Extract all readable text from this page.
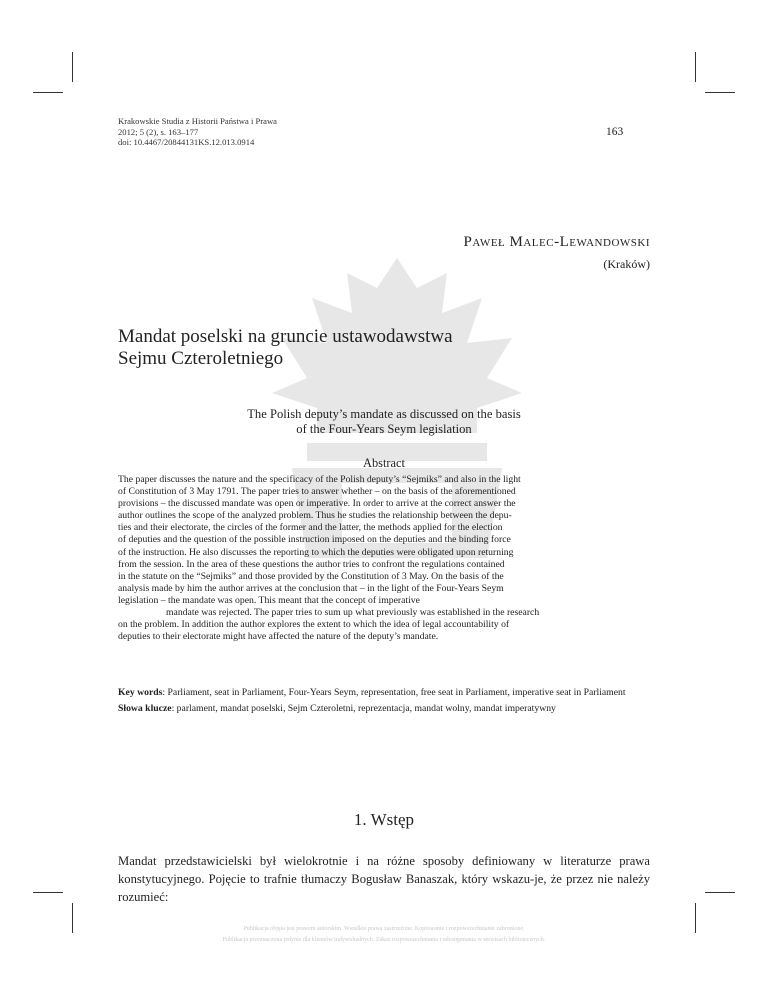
Krakowskie Studia z Historii Państwa i Prawa
2012; 5 (2), s. 163–177
doi: 10.4467/20844131KS.12.013.0914
163
Paweł Malec-Lewandowski
(Kraków)
Mandat poselski na gruncie ustawodawstwa
Sejmu Czteroletniego
The Polish deputy’s mandate as discussed on the basis
of the Four-Years Seym legislation
Abstract
The paper discusses the nature and the specificacy of the Polish deputy’s “Sejmiks” and also in the light
of Constitution of 3 May 1791. The paper tries to answer whether – on the basis of the aforementioned
provisions – the discussed mandate was open or imperative. In order to arrive at the correct answer the
author outlines the scope of the analyzed problem. Thus he studies the relationship between the depu-
ties and their electorate, the circles of the former and the latter, the methods applied for the election
of deputies and the question of the possible instruction imposed on the deputies and the binding force
of the instruction. He also discusses the reporting to which the deputies were obligated upon returning
from the session. In the area of these questions the author tries to confront the regulations contained
in the statute on the “Sejmiks” and those provided by the Constitution of 3 May. On the basis of the
analysis made by him the author arrives at the conclusion that – in the light of the Four-Years Seym
legislation – the mandate was open. This meant that the concept of imperative
mandate was rejected. The paper tries to sum up what previously was established in the research
on the problem. In addition the author explores the extent to which the idea of legal accountability of
deputies to their electorate might have affected the nature of the deputy’s mandate.

Key words: Parliament, seat in Parliament, Four-Years Seym, representation, free seat in Parliament, imperative seat in Parliament

Słowa klucze: parlament, mandat poselski, Sejm Czteroletni, reprezentacja, mandat wolny, mandat imperatywny

1. Wstęp
Mandat przedstawicielski był wielokrotnie i na różne sposoby definiowany w literaturze prawa konstytucyjnego. Pojęcie to trafnie tłumaczy Bogusław Banaszak, który wskazu-je, że przez nie należy rozumieć:
Publikacja objęta jest prawem autorskim. Wszelkie prawa zastrzeżone. Kopiowanie i rozpowszechnianie zabronione.
Publikacja przeznaczona jedynie dla klientów indywidualnych. Zakaz rozpowszechniania i udostępniania w serwisach bibliotecznych.
